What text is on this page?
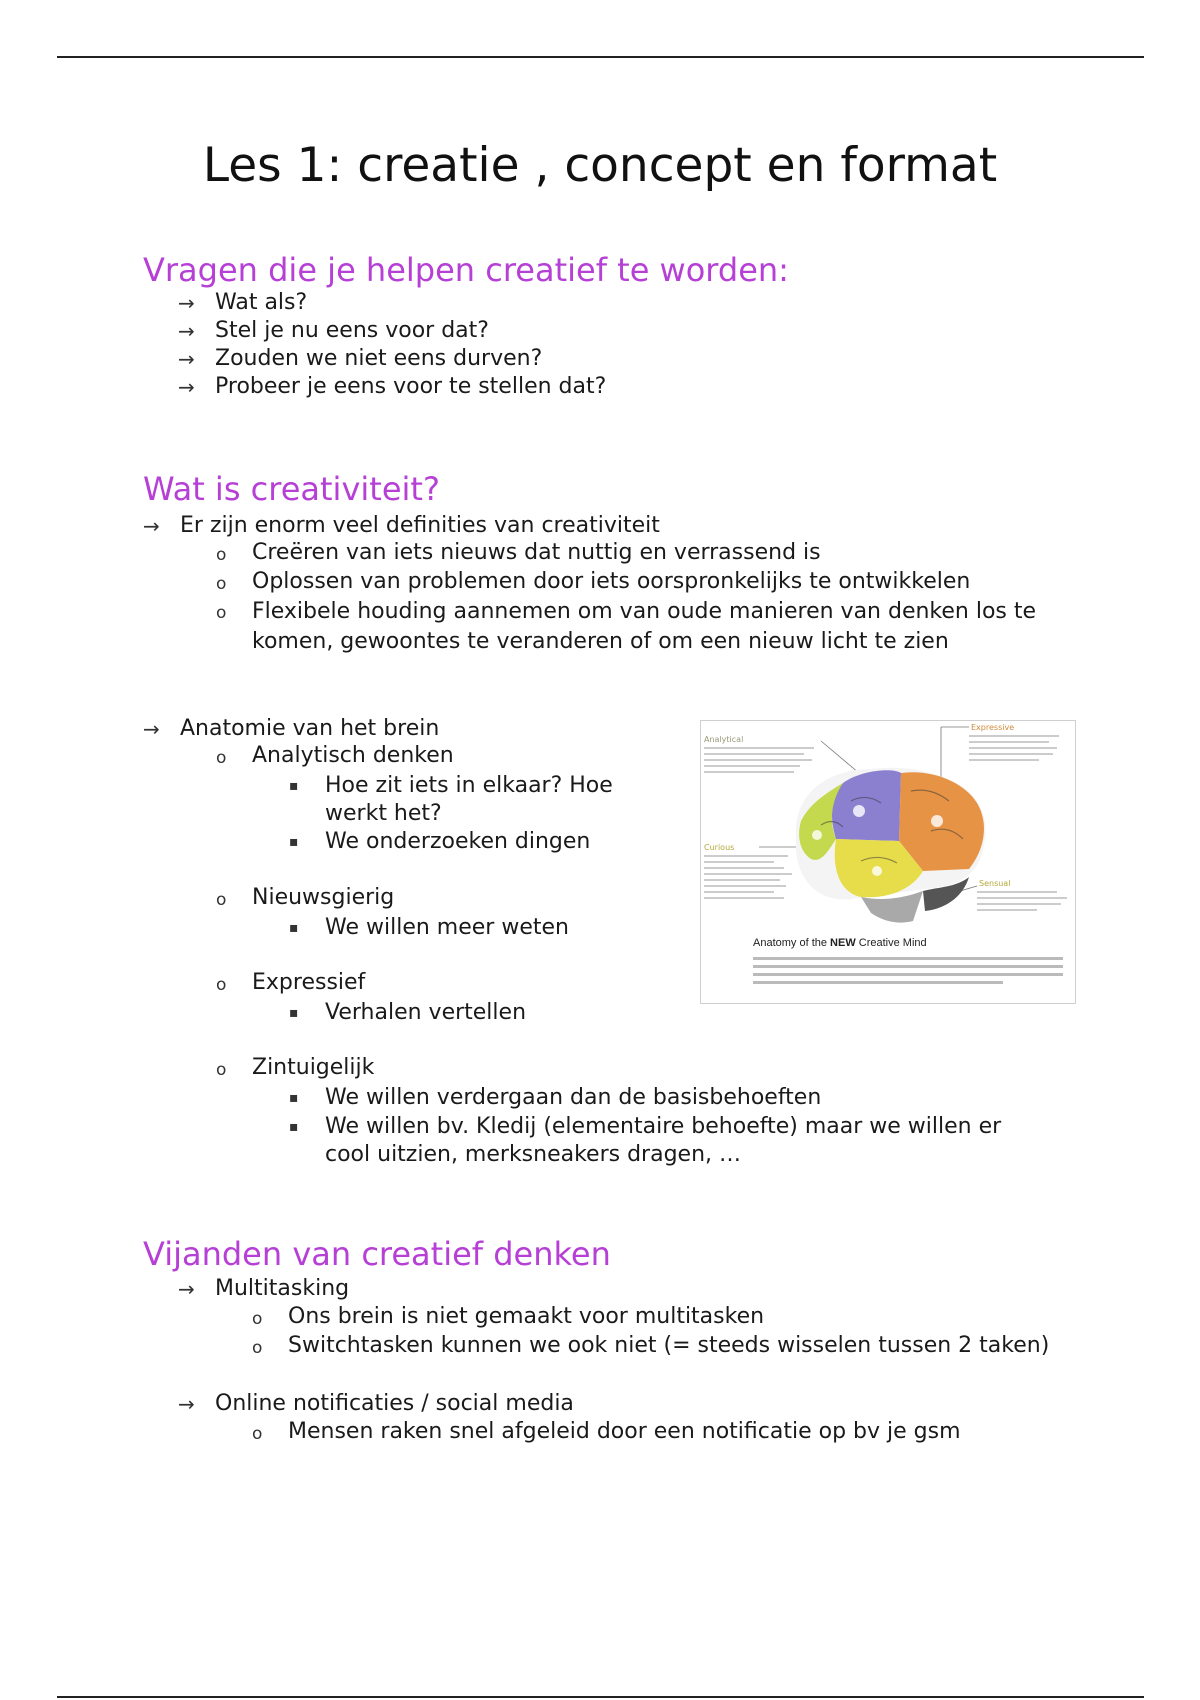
Les 1: creatie , concept en format
Vragen die je helpen creatief te worden:
→ Wat als?
→ Stel je nu eens voor dat?
→ Zouden we niet eens durven?
→ Probeer je eens voor te stellen dat?
Wat is creativiteit?
→ Er zijn enorm veel definities van creativiteit
o Creëren van iets nieuws dat nuttig en verrassend is
o Oplossen van problemen door iets oorspronkelijks te ontwikkelen
o Flexibele houding aannemen om van oude manieren van denken los te komen, gewoontes te veranderen of om een nieuw licht te zien
→ Anatomie van het brein
o Analytisch denken
▪ Hoe zit iets in elkaar? Hoe werkt het?
▪ We onderzoeken dingen
o Nieuwsgierig
▪ We willen meer weten
o Expressief
▪ Verhalen vertellen
o Zintuigelijk
▪ We willen verdergaan dan de basisbehoeften
▪ We willen bv. Kledij (elementaire behoefte) maar we willen er cool uitzien, merksneakers dragen, …
Analytical
Expressive
Curious
Sensual
Anatomy of the NEW Creative Mind
Vijanden van creatief denken
→ Multitasking
o Ons brein is niet gemaakt voor multitasken
o Switchtasken kunnen we ook niet (= steeds wisselen tussen 2 taken)
→ Online notificaties / social media
o Mensen raken snel afgeleid door een notificatie op bv je gsm
